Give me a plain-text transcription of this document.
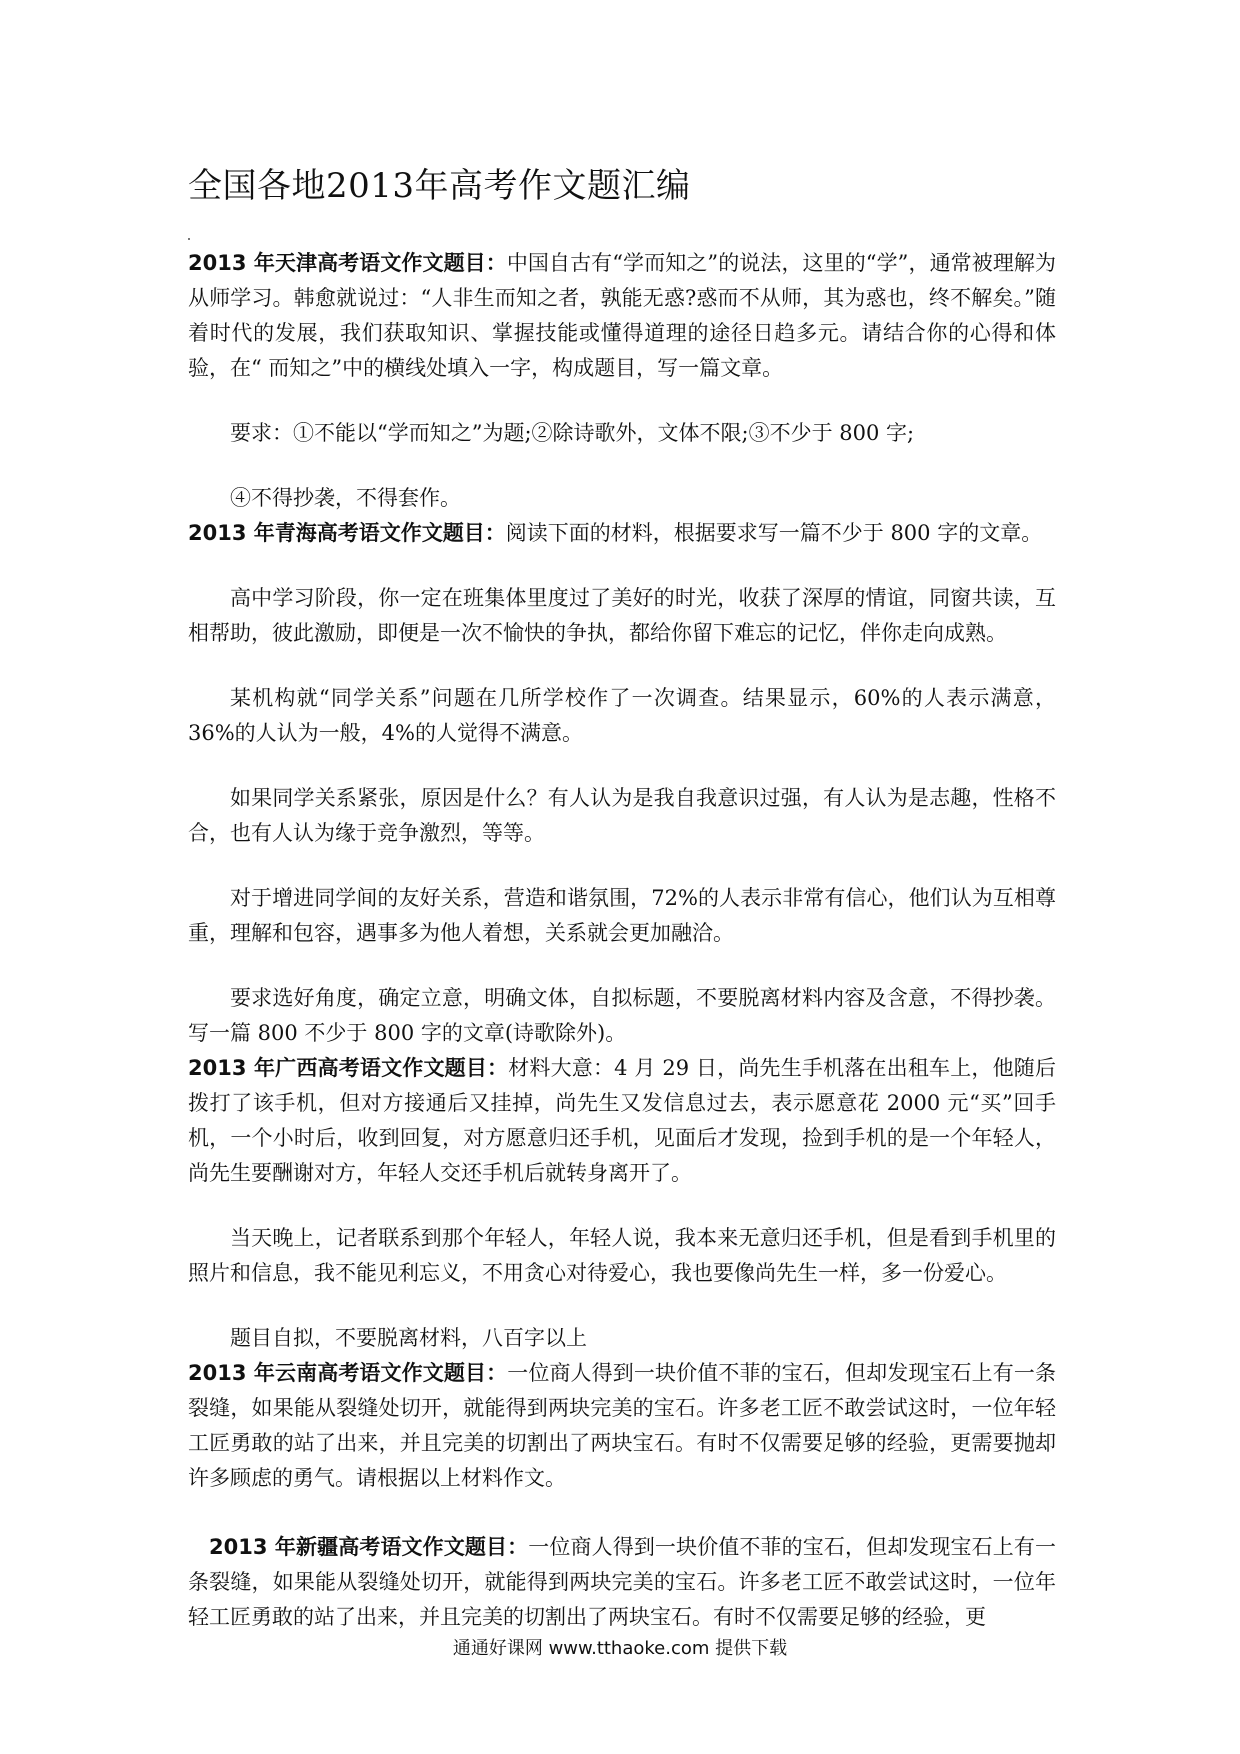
全国各地2013年高考作文题汇编

2013 年天津高考语文作文题目：中国自古有“学而知之”的说法，这里的“学”，通常被理解为从师学习。韩愈就说过：“人非生而知之者，孰能无惑?惑而不从师，其为惑也，终不解矣。”随着时代的发展，我们获取知识、掌握技能或懂得道理的途径日趋多元。请结合你的心得和体验，在“ 而知之”中的横线处填入一字，构成题目，写一篇文章。

要求：①不能以“学而知之”为题;②除诗歌外，文体不限;③不少于 800 字;

④不得抄袭，不得套作。

2013 年青海高考语文作文题目：阅读下面的材料，根据要求写一篇不少于 800 字的文章。

高中学习阶段，你一定在班集体里度过了美好的时光，收获了深厚的情谊，同窗共读，互相帮助，彼此激励，即便是一次不愉快的争执，都给你留下难忘的记忆，伴你走向成熟。

某机构就“同学关系”问题在几所学校作了一次调查。结果显示，60%的人表示满意，36%的人认为一般，4%的人觉得不满意。

如果同学关系紧张，原因是什么？有人认为是我自我意识过强，有人认为是志趣，性格不合，也有人认为缘于竞争激烈，等等。

对于增进同学间的友好关系，营造和谐氛围，72%的人表示非常有信心，他们认为互相尊重，理解和包容，遇事多为他人着想，关系就会更加融洽。

要求选好角度，确定立意，明确文体，自拟标题，不要脱离材料内容及含意，不得抄袭。写一篇 800 不少于 800 字的文章(诗歌除外)。

2013 年广西高考语文作文题目：材料大意：4 月 29 日，尚先生手机落在出租车上，他随后拨打了该手机，但对方接通后又挂掉，尚先生又发信息过去，表示愿意花 2000 元“买”回手机，一个小时后，收到回复，对方愿意归还手机，见面后才发现，捡到手机的是一个年轻人，尚先生要酬谢对方，年轻人交还手机后就转身离开了。

当天晚上，记者联系到那个年轻人，年轻人说，我本来无意归还手机，但是看到手机里的照片和信息，我不能见利忘义，不用贪心对待爱心，我也要像尚先生一样，多一份爱心。

题目自拟，不要脱离材料，八百字以上

2013 年云南高考语文作文题目：一位商人得到一块价值不菲的宝石，但却发现宝石上有一条裂缝，如果能从裂缝处切开，就能得到两块完美的宝石。许多老工匠不敢尝试这时，一位年轻工匠勇敢的站了出来，并且完美的切割出了两块宝石。有时不仅需要足够的经验，更需要抛却许多顾虑的勇气。请根据以上材料作文。

2013 年新疆高考语文作文题目：一位商人得到一块价值不菲的宝石，但却发现宝石上有一条裂缝，如果能从裂缝处切开，就能得到两块完美的宝石。许多老工匠不敢尝试这时，一位年轻工匠勇敢的站了出来，并且完美的切割出了两块宝石。有时不仅需要足够的经验，更

通通好课网 www.tthaoke.com 提供下载
